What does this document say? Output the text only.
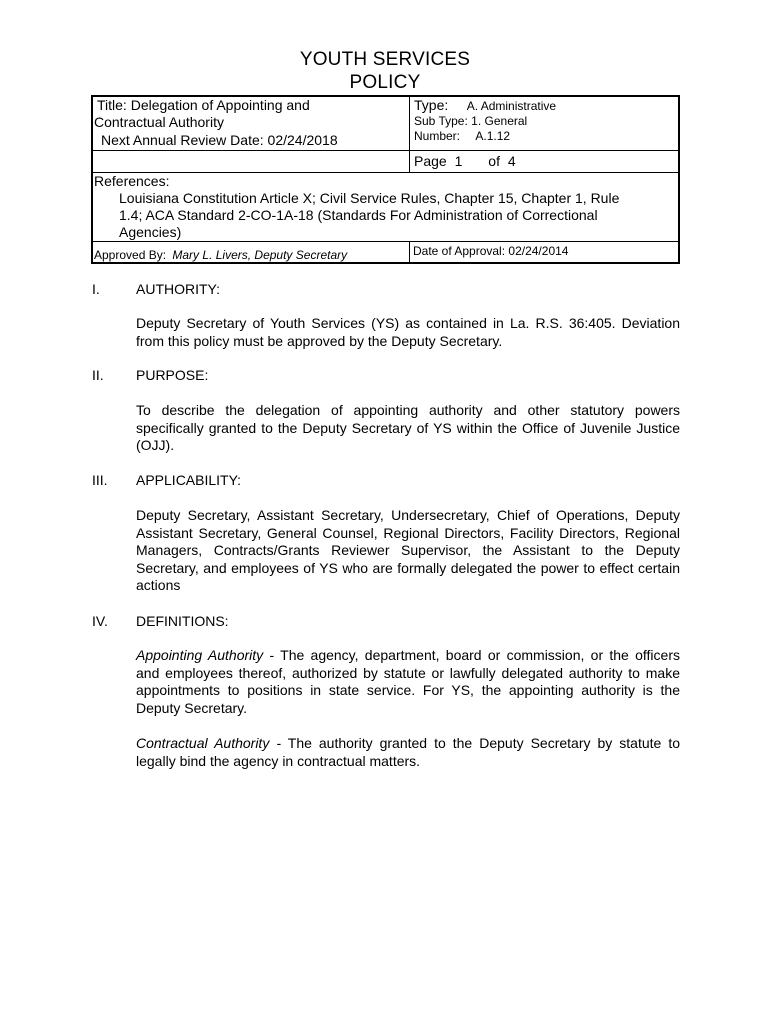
YOUTH SERVICES
POLICY
Title: Delegation of Appointing and
Contractual Authority
Next Annual Review Date: 02/24/2018
Type: A. Administrative
Sub Type: 1. General
Number: A.1.12
Page 1 of 4
References:
Louisiana Constitution Article X; Civil Service Rules, Chapter 15, Chapter 1, Rule
1.4; ACA Standard 2-CO-1A-18 (Standards For Administration of Correctional
Agencies)
Approved By: Mary L. Livers, Deputy Secretary	Date of Approval: 02/24/2014
I.	AUTHORITY:
Deputy Secretary of Youth Services (YS) as contained in La. R.S. 36:405. Deviation from this policy must be approved by the Deputy Secretary.
II. PURPOSE:
To describe the delegation of appointing authority and other statutory powers specifically granted to the Deputy Secretary of YS within the Office of Juvenile Justice (OJJ).
III. APPLICABILITY:
Deputy Secretary, Assistant Secretary, Undersecretary, Chief of Operations, Deputy Assistant Secretary, General Counsel, Regional Directors, Facility Directors, Regional Managers, Contracts/Grants Reviewer Supervisor, the Assistant to the Deputy Secretary, and employees of YS who are formally delegated the power to effect certain actions
IV. DEFINITIONS:
Appointing Authority - The agency, department, board or commission, or the officers and employees thereof, authorized by statute or lawfully delegated authority to make appointments to positions in state service. For YS, the appointing authority is the Deputy Secretary.
Contractual Authority - The authority granted to the Deputy Secretary by statute to legally bind the agency in contractual matters.
